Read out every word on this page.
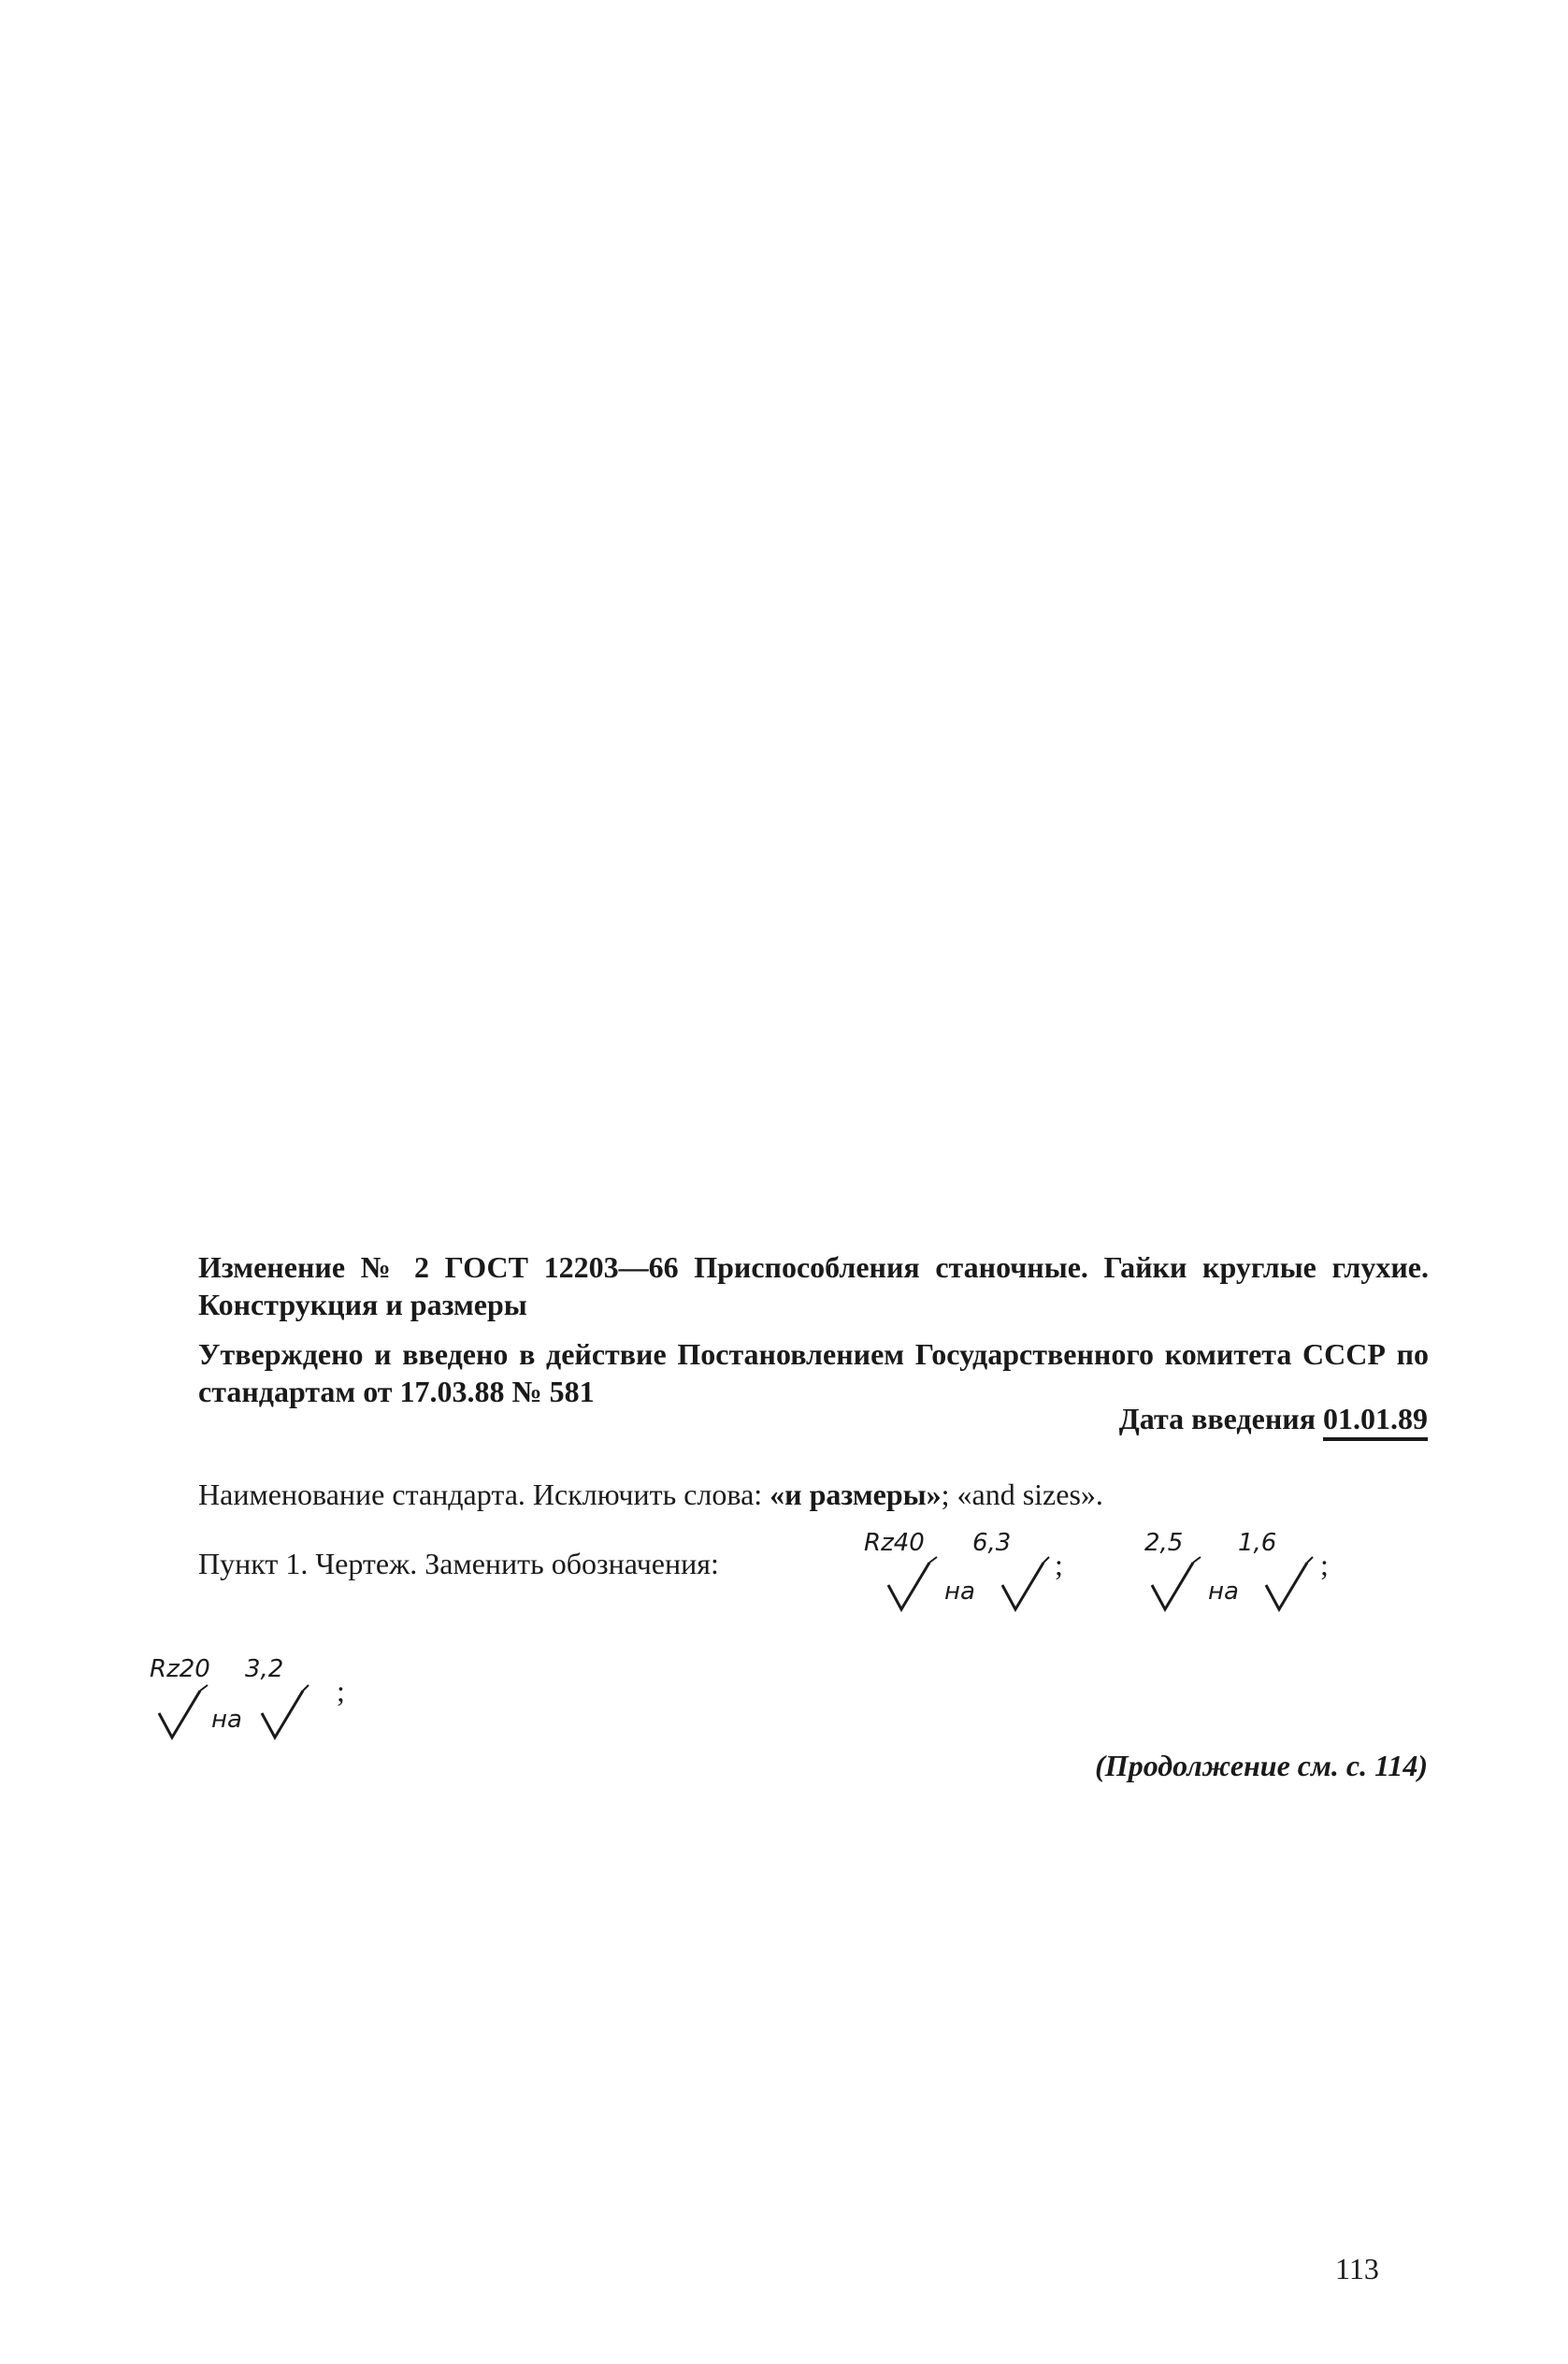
Изменение № 2 ГОСТ 12203—66 Приспособления станочные. Гайки круглые глухие. Конструкция и размеры
Утверждено и введено в действие Постановлением Государственного комитета СССР по стандартам от 17.03.88 № 581
Дата введения 01.01.89
Наименование стандарта. Исключить слова: «и размеры»; «and sizes».
Пункт 1. Чертеж. Заменить обозначения:
Rz40
на
6,3
;
2,5
на
1,6
;
Rz20
на
3,2
;
(Продолжение см. с. 114)
113
